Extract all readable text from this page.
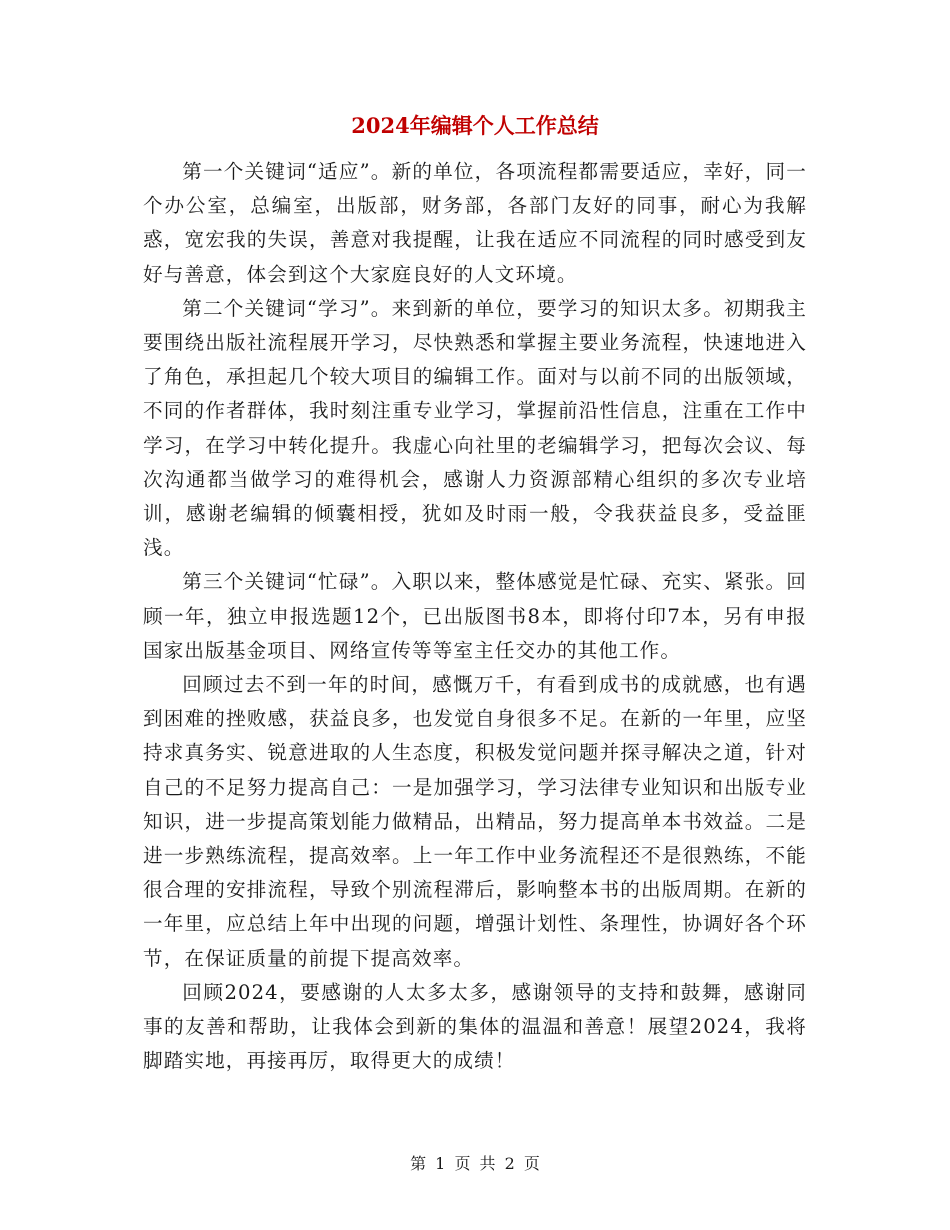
2024年编辑个人工作总结

第一个关键词“适应”。新的单位，各项流程都需要适应，幸好，同一个办公室，总编室，出版部，财务部，各部门友好的同事，耐心为我解惑，宽宏我的失误，善意对我提醒，让我在适应不同流程的同时感受到友好与善意，体会到这个大家庭良好的人文环境。

第二个关键词“学习”。来到新的单位，要学习的知识太多。初期我主要围绕出版社流程展开学习，尽快熟悉和掌握主要业务流程，快速地进入了角色，承担起几个较大项目的编辑工作。面对与以前不同的出版领域，不同的作者群体，我时刻注重专业学习，掌握前沿性信息，注重在工作中学习，在学习中转化提升。我虚心向社里的老编辑学习，把每次会议、每次沟通都当做学习的难得机会，感谢人力资源部精心组织的多次专业培训，感谢老编辑的倾囊相授，犹如及时雨一般，令我获益良多，受益匪浅。

第三个关键词“忙碌”。入职以来，整体感觉是忙碌、充实、紧张。回顾一年，独立申报选题12个，已出版图书8本，即将付印7本，另有申报国家出版基金项目、网络宣传等等室主任交办的其他工作。

回顾过去不到一年的时间，感慨万千，有看到成书的成就感，也有遇到困难的挫败感，获益良多，也发觉自身很多不足。在新的一年里，应坚持求真务实、锐意进取的人生态度，积极发觉问题并探寻解决之道，针对自己的不足努力提高自己：一是加强学习，学习法律专业知识和出版专业知识，进一步提高策划能力做精品，出精品，努力提高单本书效益。二是进一步熟练流程，提高效率。上一年工作中业务流程还不是很熟练，不能很合理的安排流程，导致个别流程滞后，影响整本书的出版周期。在新的一年里，应总结上年中出现的问题，增强计划性、条理性，协调好各个环节，在保证质量的前提下提高效率。

回顾2024，要感谢的人太多太多，感谢领导的支持和鼓舞，感谢同事的友善和帮助，让我体会到新的集体的温温和善意！展望2024，我将脚踏实地，再接再厉，取得更大的成绩！

第 1 页 共 2 页
